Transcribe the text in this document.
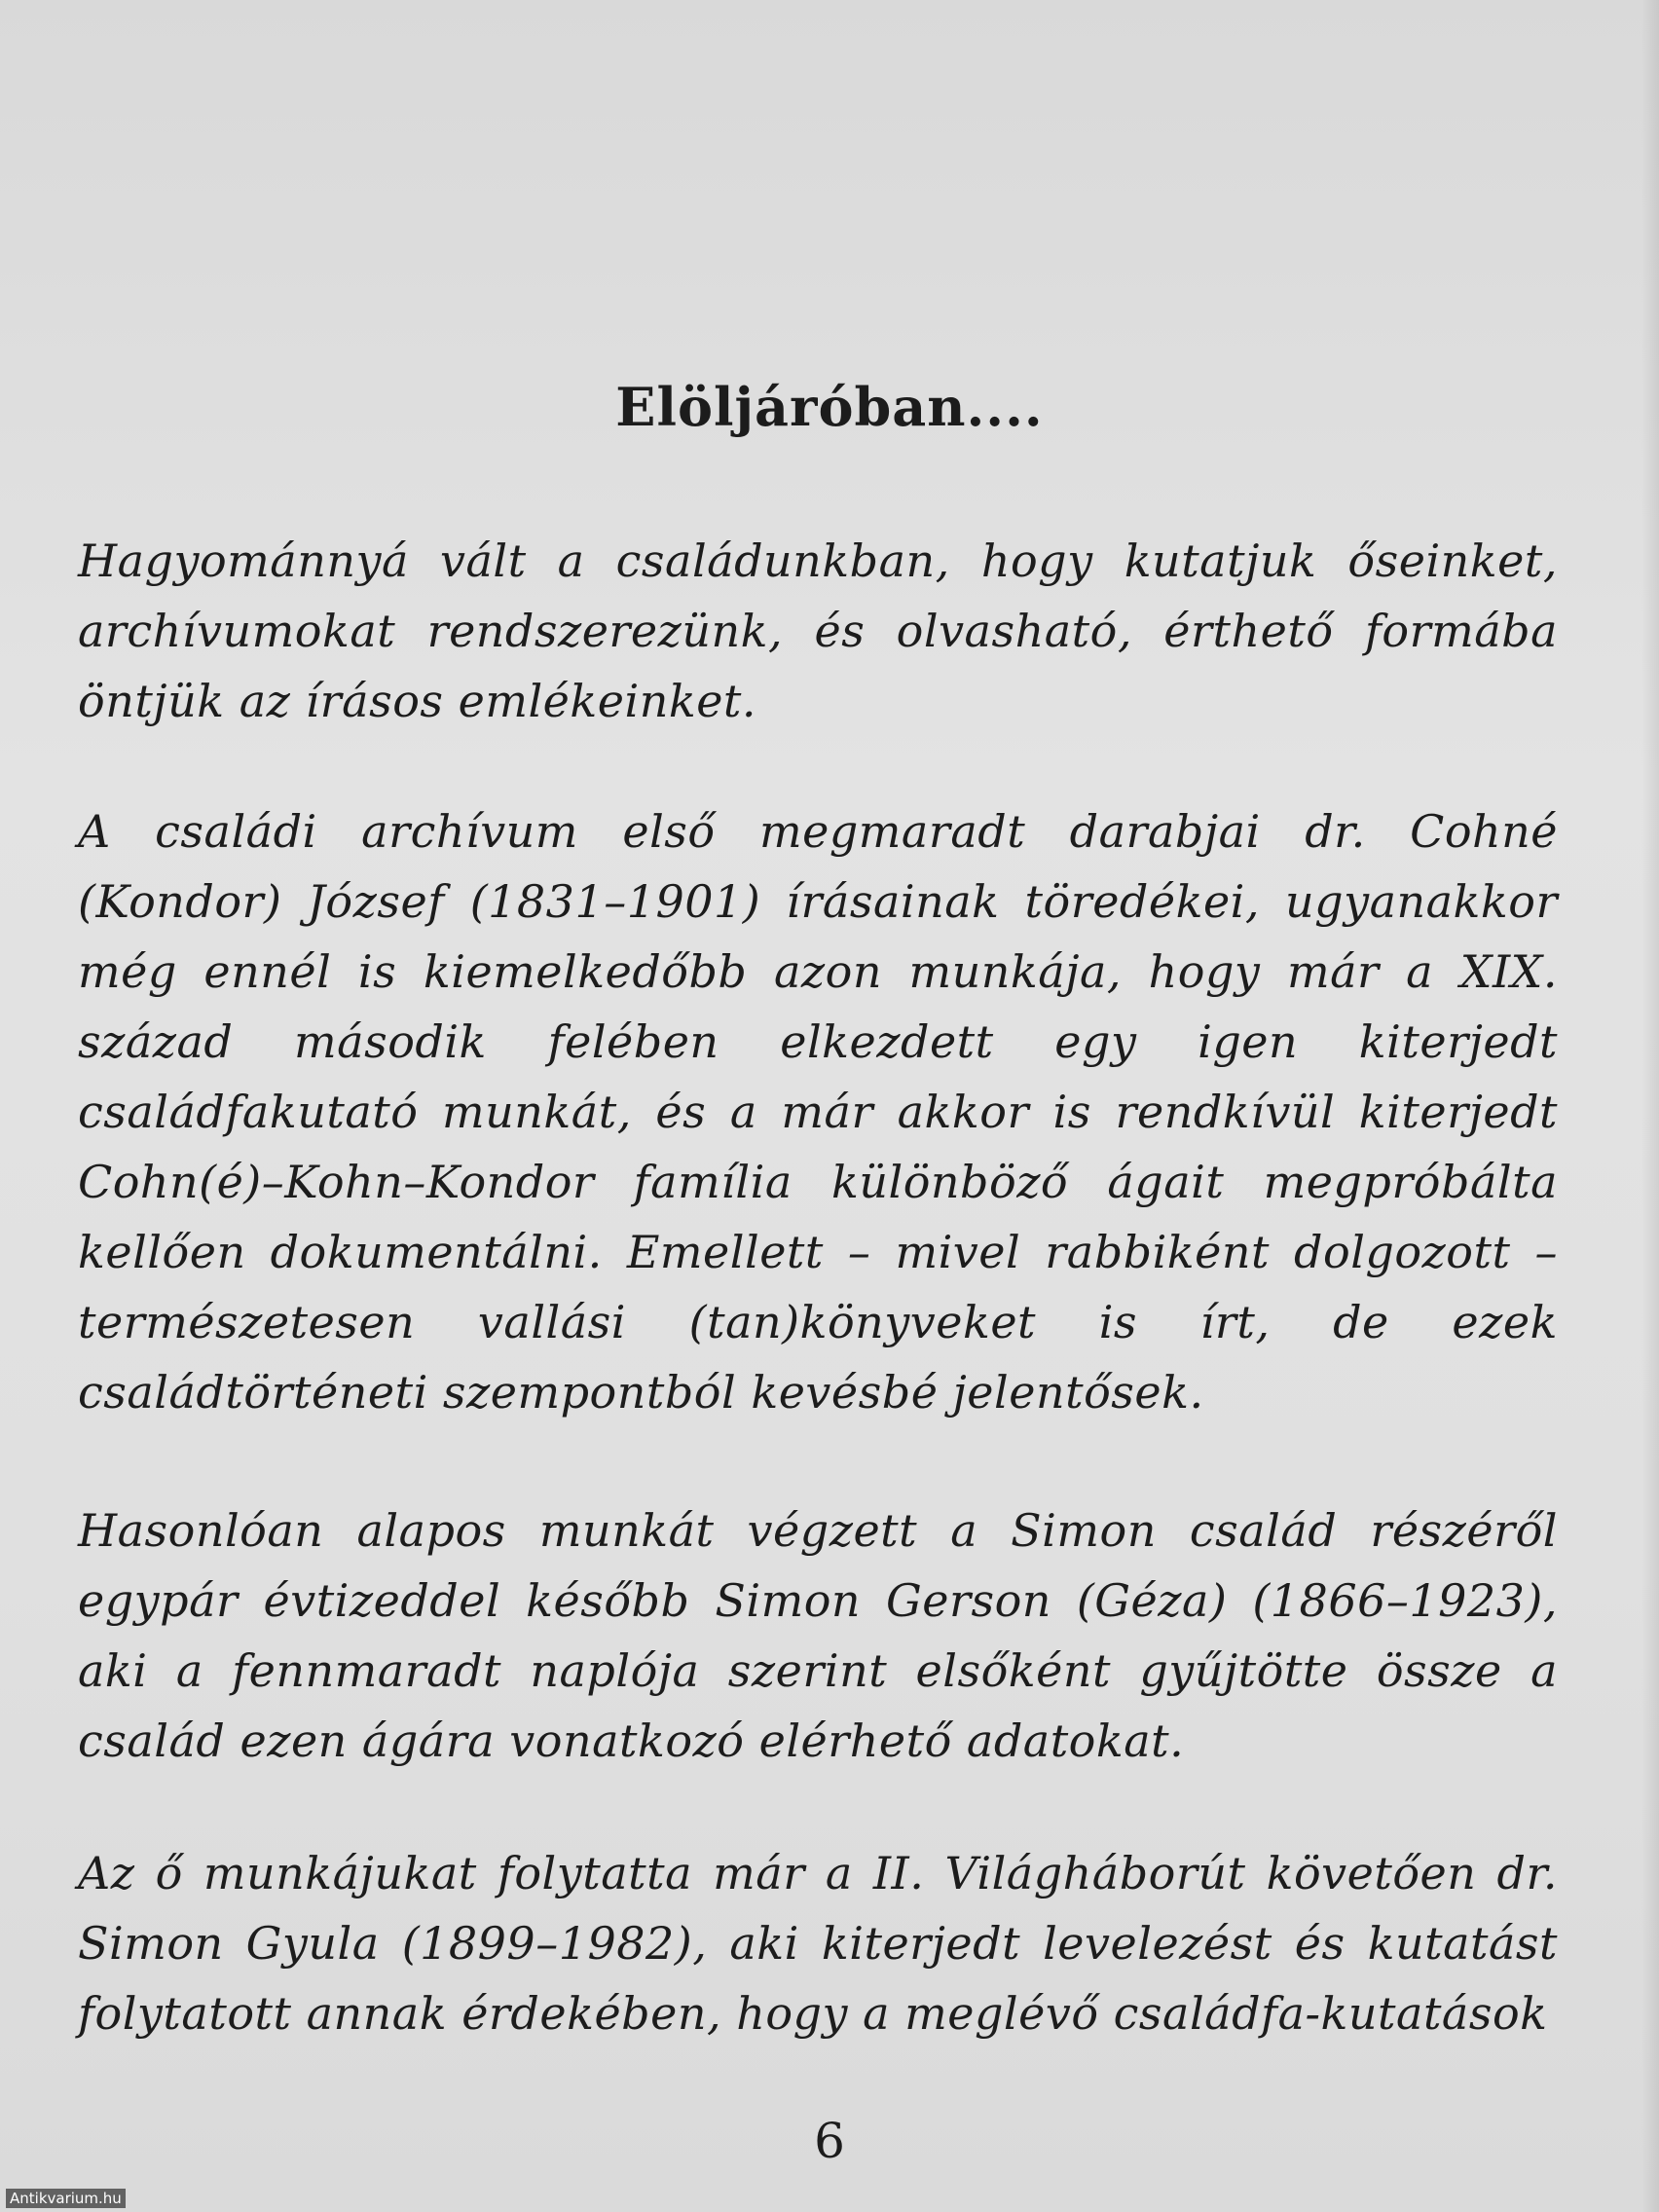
Elöljáróban....

Hagyománnyá vált a családunkban, hogy kutatjuk őseinket, archívumokat rendszerezünk, és olvasható, érthető formába öntjük az írásos emlékeinket.

A családi archívum első megmaradt darabjai dr. Cohné (Kondor) József (1831–1901) írásainak töredékei, ugyanakkor még ennél is kiemelkedőbb azon munkája, hogy már a XIX. század második felében elkezdett egy igen kiterjedt családfakutató munkát, és a már akkor is rendkívül kiterjedt Cohn(é)–Kohn–Kondor família különböző ágait megpróbálta kellően dokumentálni. Emellett – mivel rabbiként dolgozott – természetesen vallási (tan)könyveket is írt, de ezek családtörténeti szempontból kevésbé jelentősek.

Hasonlóan alapos munkát végzett a Simon család részéről egypár évtizeddel később Simon Gerson (Géza) (1866–1923), aki a fennmaradt naplója szerint elsőként gyűjtötte össze a család ezen ágára vonatkozó elérhető adatokat.

Az ő munkájukat folytatta már a II. Világháborút követően dr. Simon Gyula (1899–1982), aki kiterjedt levelezést és kutatást folytatott annak érdekében, hogy a meglévő családfa-kutatások

6
Antikvarium.hu
